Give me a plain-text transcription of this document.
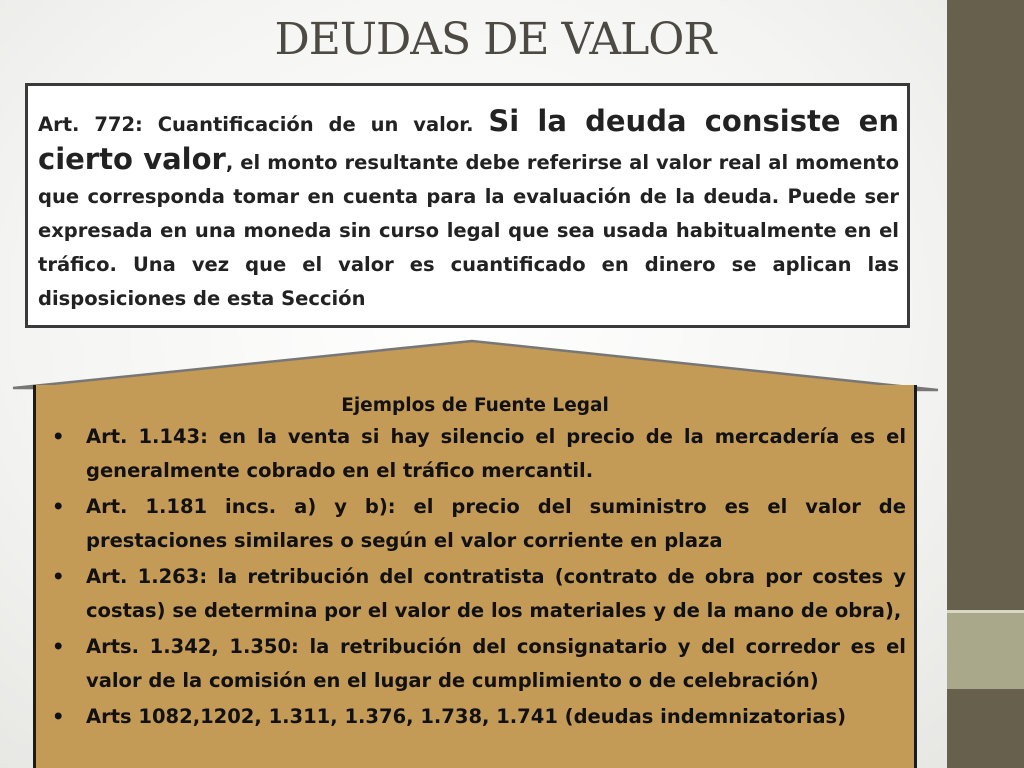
DEUDAS DE VALOR

Art. 772: Cuantificación de un valor. Si la deuda consiste en cierto valor, el monto resultante debe referirse al valor real al momento que corresponda tomar en cuenta para la evaluación de la deuda. Puede ser expresada en una moneda sin curso legal que sea usada habitualmente en el tráfico. Una vez que el valor es cuantificado en dinero se aplican las disposiciones de esta Sección

Ejemplos de Fuente Legal
• Art. 1.143: en la venta si hay silencio el precio de la mercadería es el generalmente cobrado en el tráfico mercantil.
• Art. 1.181 incs. a) y b): el precio del suministro es el valor de prestaciones similares o según el valor corriente en plaza
• Art. 1.263: la retribución del contratista (contrato de obra por costes y costas) se determina por el valor de los materiales y de la mano de obra),
• Arts. 1.342, 1.350: la retribución del consignatario y del corredor es el valor de la comisión en el lugar de cumplimiento o de celebración)
• Arts 1082,1202, 1.311, 1.376, 1.738, 1.741 (deudas indemnizatorias)
